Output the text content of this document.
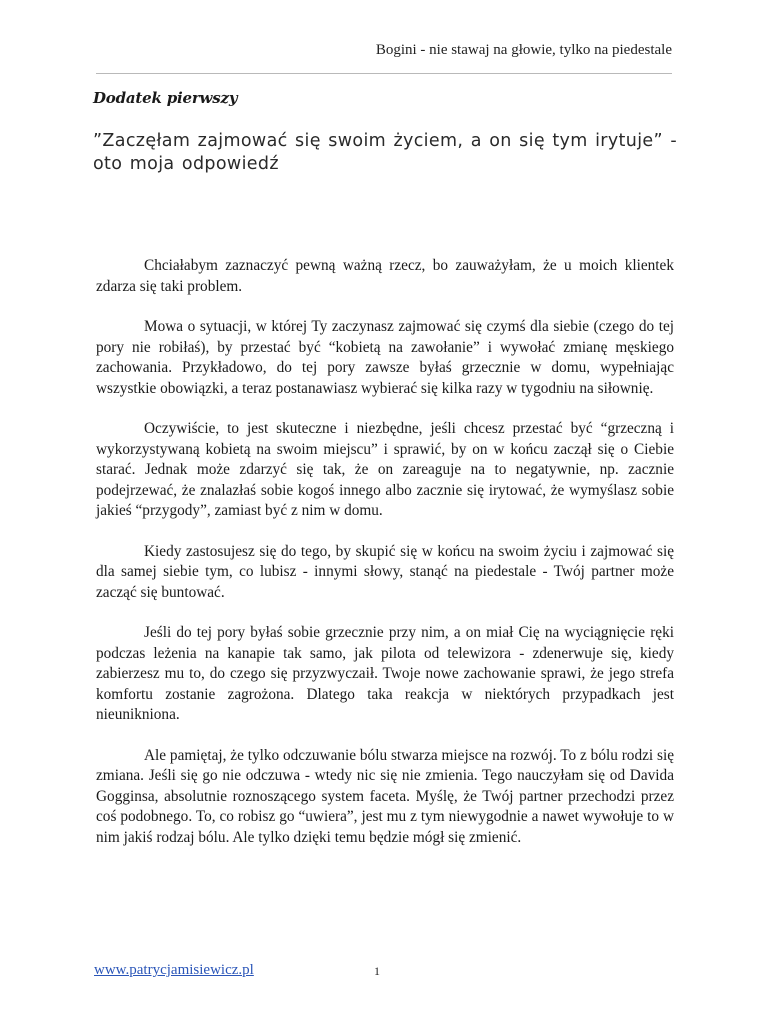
Bogini - nie stawaj na głowie, tylko na piedestale
Dodatek pierwszy
”Zaczęłam zajmować się swoim życiem, a on się tym irytuje” - oto moja odpowiedź

Chciałabym zaznaczyć pewną ważną rzecz, bo zauważyłam, że u moich klientek zdarza się taki problem.

Mowa o sytuacji, w której Ty zaczynasz zajmować się czymś dla siebie (czego do tej pory nie robiłaś), by przestać być “kobietą na zawołanie” i wywołać zmianę męskiego zachowania. Przykładowo, do tej pory zawsze byłaś grzecznie w domu, wypełniając wszystkie obowiązki, a teraz postanawiasz wybierać się kilka razy w tygodniu na siłownię.

Oczywiście, to jest skuteczne i niezbędne, jeśli chcesz przestać być “grzeczną i wykorzystywaną kobietą na swoim miejscu” i sprawić, by on w końcu zaczął się o Ciebie starać. Jednak może zdarzyć się tak, że on zareaguje na to negatywnie, np. zacznie podejrzewać, że znalazłaś sobie kogoś innego albo zacznie się irytować, że wymyślasz sobie jakieś “przygody”, zamiast być z nim w domu.

Kiedy zastosujesz się do tego, by skupić się w końcu na swoim życiu i zajmować się dla samej siebie tym, co lubisz - innymi słowy, stanąć na piedestale - Twój partner może zacząć się buntować.

Jeśli do tej pory byłaś sobie grzecznie przy nim, a on miał Cię na wyciągnięcie ręki podczas leżenia na kanapie tak samo, jak pilota od telewizora - zdenerwuje się, kiedy zabierzesz mu to, do czego się przyzwyczaił. Twoje nowe zachowanie sprawi, że jego strefa komfortu zostanie zagrożona. Dlatego taka reakcja w niektórych przypadkach jest nieunikniona.

Ale pamiętaj, że tylko odczuwanie bólu stwarza miejsce na rozwój. To z bólu rodzi się zmiana. Jeśli się go nie odczuwa - wtedy nic się nie zmienia. Tego nauczyłam się od Davida Gogginsa, absolutnie roznoszącego system faceta. Myślę, że Twój partner przechodzi przez coś podobnego. To, co robisz go “uwiera”, jest mu z tym niewygodnie a nawet wywołuje to w nim jakiś rodzaj bólu. Ale tylko dzięki temu będzie mógł się zmienić.

www.patrycjamisiewicz.pl	1
